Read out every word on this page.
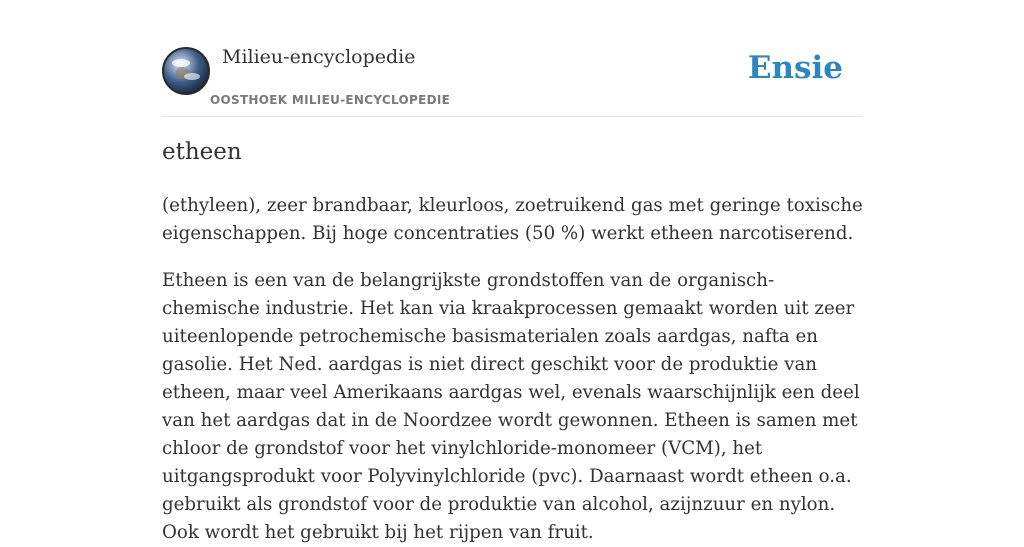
Milieu-encyclopedie
OOSTHOEK MILIEU-ENCYCLOPEDIE
Ensie
etheen

(ethyleen), zeer brandbaar, kleurloos, zoetruikend gas met geringe toxische eigenschappen. Bij hoge concentraties (50 %) werkt etheen narcotiserend.

Etheen is een van de belangrijkste grondstoffen van de organisch-chemische industrie. Het kan via kraakprocessen gemaakt worden uit zeer uiteenlopende petrochemische basismaterialen zoals aardgas, nafta en gasolie. Het Ned. aardgas is niet direct geschikt voor de produktie van etheen, maar veel Amerikaans aardgas wel, evenals waarschijnlijk een deel van het aardgas dat in de Noordzee wordt gewonnen. Etheen is samen met chloor de grondstof voor het vinylchloride-monomeer (VCM), het uitgangsprodukt voor Polyvinylchloride (pvc). Daarnaast wordt etheen o.a. gebruikt als grondstof voor de produktie van alcohol, azijnzuur en nylon. Ook wordt het gebruikt bij het rijpen van fruit.
